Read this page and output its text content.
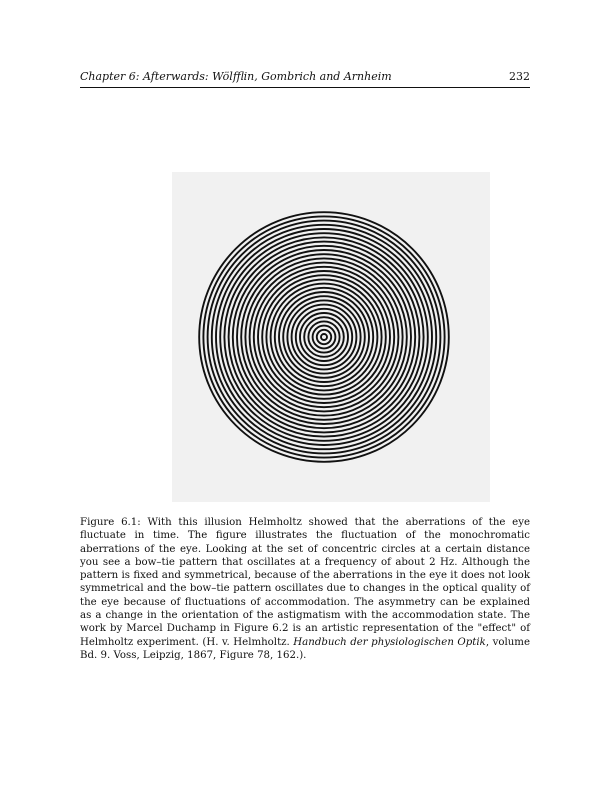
Chapter 6: Afterwards: Wölfflin, Gombrich and Arnheim	232

Figure 6.1: With this illusion Helmholtz showed that the aberrations of the eye fluctuate in time. The figure illustrates the fluctuation of the monochromatic aberrations of the eye. Looking at the set of concentric circles at a certain distance you see a bow–tie pattern that oscillates at a frequency of about 2 Hz. Although the pattern is fixed and symmetrical, because of the aberrations in the eye it does not look symmetrical and the bow–tie pattern oscillates due to changes in the optical quality of the eye because of fluctuations of accommodation. The asymmetry can be explained as a change in the orientation of the astigmatism with the accommodation state. The work by Marcel Duchamp in Figure 6.2 is an artistic representation of the "effect" of Helmholtz experiment. (H. v. Helmholtz. Handbuch der physiologischen Optik, volume Bd. 9. Voss, Leipzig, 1867, Figure 78, 162.).
